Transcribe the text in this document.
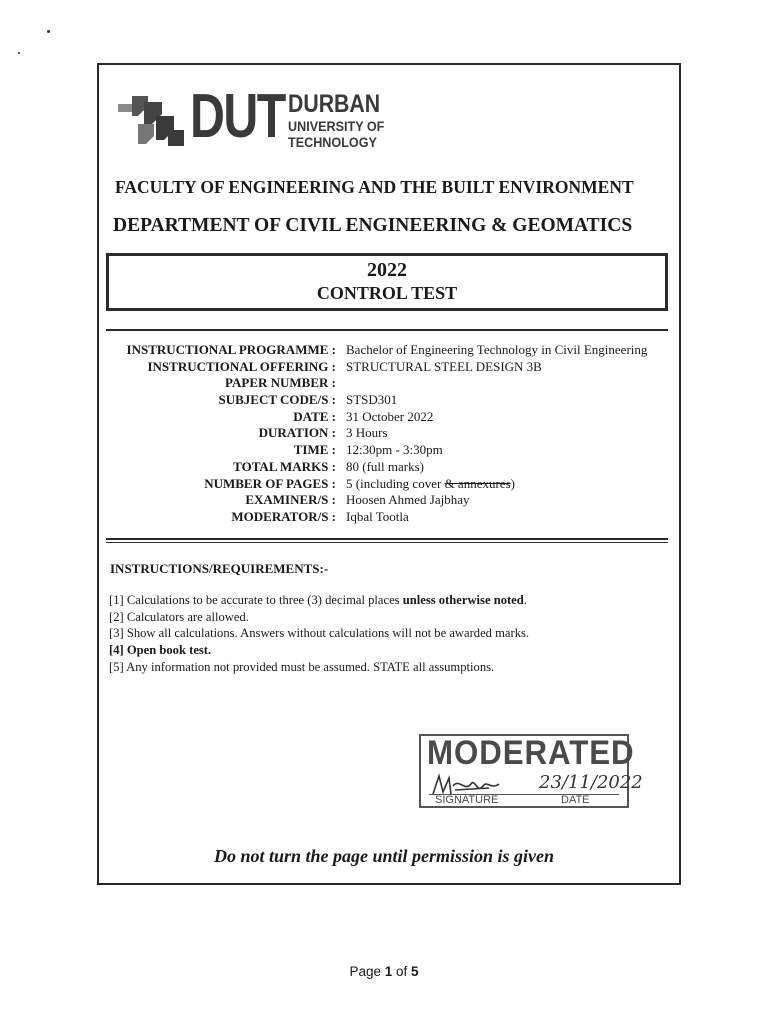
DUT DURBAN
UNIVERSITY OF
TECHNOLOGY
FACULTY OF ENGINEERING AND THE BUILT ENVIRONMENT
DEPARTMENT OF CIVIL ENGINEERING & GEOMATICS
2022
CONTROL TEST
INSTRUCTIONAL PROGRAMME : Bachelor of Engineering Technology in Civil Engineering
INSTRUCTIONAL OFFERING : STRUCTURAL STEEL DESIGN 3B
PAPER NUMBER :
SUBJECT CODE/S : STSD301
DATE : 31 October 2022
DURATION : 3 Hours
TIME : 12:30pm - 3:30pm
TOTAL MARKS : 80 (full marks)
NUMBER OF PAGES : 5 (including cover & annexures)
EXAMINER/S : Hoosen Ahmed Jajbhay
MODERATOR/S : Iqbal Tootla
INSTRUCTIONS/REQUIREMENTS:-
[1] Calculations to be accurate to three (3) decimal places unless otherwise noted.
[2] Calculators are allowed.
[3] Show all calculations. Answers without calculations will not be awarded marks.
[4] Open book test.
[5] Any information not provided must be assumed. STATE all assumptions.
MODERATED
23/11/2022
SIGNATURE	DATE
Do not turn the page until permission is given
Page 1 of 5
